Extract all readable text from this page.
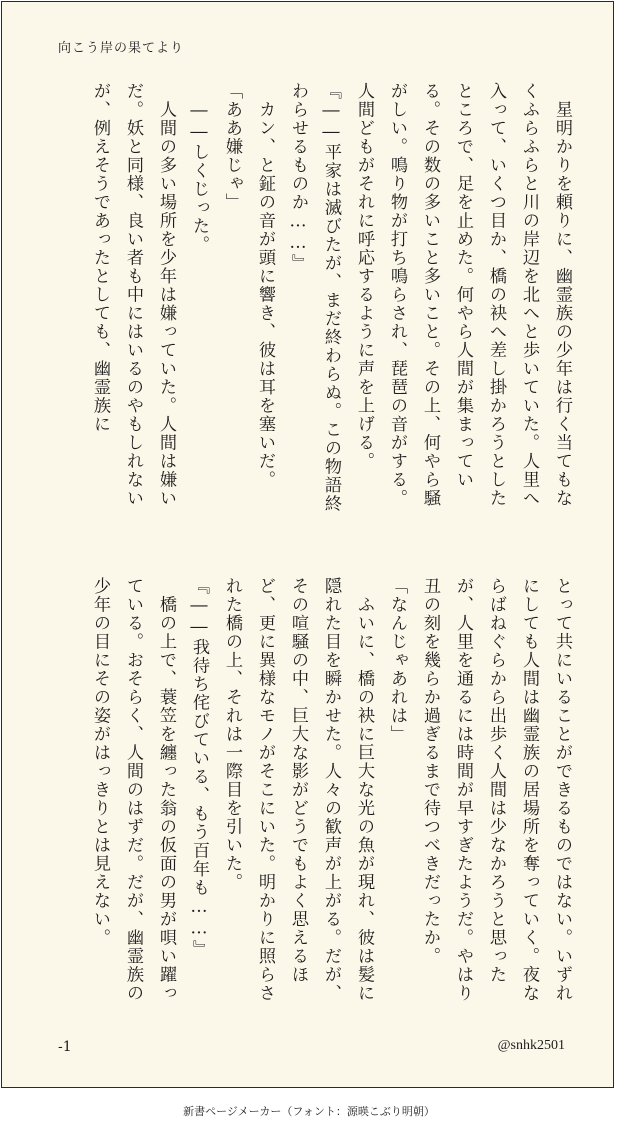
向こう岸の果てより

　星明かりを頼りに、幽霊族の少年は行く当てもなくふらふらと川の岸辺を北へと歩いていた。人里へ入って、いくつ目か、橋の袂へ差し掛かろうとしたところで、足を止めた。何やら人間が集まっている。その数の多いこと多いこと。その上、何やら騒がしい。鳴り物が打ち鳴らされ、琵琶の音がする。人間どもがそれに呼応するように声を上げる。

『――平家は滅びたが、まだ終わらぬ。この物語終わらせるものか……』

　カン、と鉦の音が頭に響き、彼は耳を塞いだ。

「ああ嫌じゃ」

　――しくじった。

　人間の多い場所を少年は嫌っていた。人間は嫌いだ。妖と同様、良い者も中にはいるのやもしれないが、例えそうであったとしても、幽霊族に

とって共にいることができるものではない。いずれにしても人間は幽霊族の居場所を奪っていく。夜ならばねぐらから出歩く人間は少なかろうと思ったが、人里を通るには時間が早すぎたようだ。やはり丑の刻を幾らか過ぎるまで待つべきだったか。

「なんじゃあれは」

　ふいに、橋の袂に巨大な光の魚が現れ、彼は髪に隠れた目を瞬かせた。人々の歓声が上がる。だが、その喧騒の中、巨大な影がどうでもよく思えるほど、更に異様なモノがそこにいた。明かりに照らされた橋の上、それは一際目を引いた。

『――我待ち侘びている、もう百年も……』

　橋の上で、蓑笠を纏った翁の仮面の男が唄い躍っている。おそらく、人間のはずだ。だが、幽霊族の少年の目にその姿がはっきりとは見えない。

-1	@snhk2501
新書ページメーカー（フォント：源暎こぶり明朝）
